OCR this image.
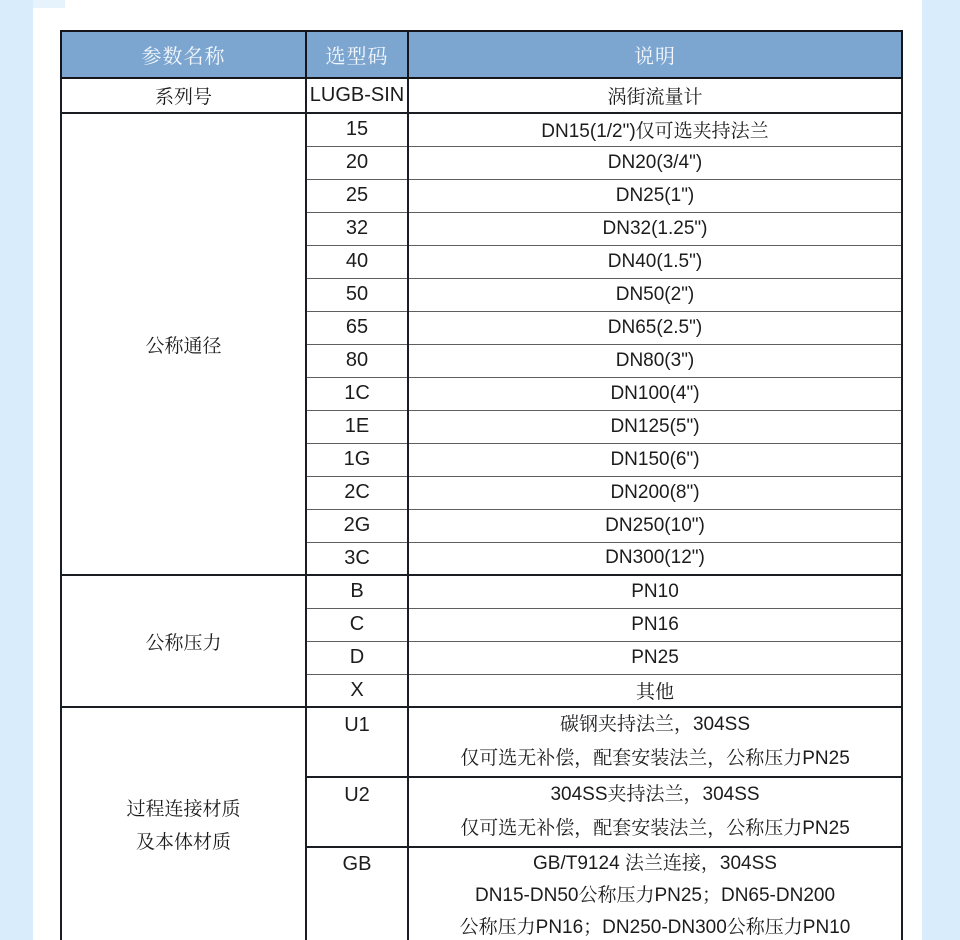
参数名称	选型码	说明
系列号	LUGB-SIN	涡街流量计
公称通径	15	DN15(1/2")仅可选夹持法兰
	20	DN20(3/4")
	25	DN25(1")
	32	DN32(1.25")
	40	DN40(1.5")
	50	DN50(2")
	65	DN65(2.5")
	80	DN80(3")
	1C	DN100(4")
	1E	DN125(5")
	1G	DN150(6")
	2C	DN200(8")
	2G	DN250(10")
	3C	DN300(12")
公称压力	B	PN10
	C	PN16
	D	PN25
	X	其他

过程连接材质
及本体材质
	U1	碳钢夹持法兰，304SS
仅可选无补偿，配套安装法兰，公称压力PN25

	U2	304SS夹持法兰，304SS
仅可选无补偿，配套安装法兰，公称压力PN25

	GB	GB/T9124 法兰连接，304SS
DN15-DN50公称压力PN25；DN65-DN200
公称压力PN16；DN250-DN300公称压力PN10
